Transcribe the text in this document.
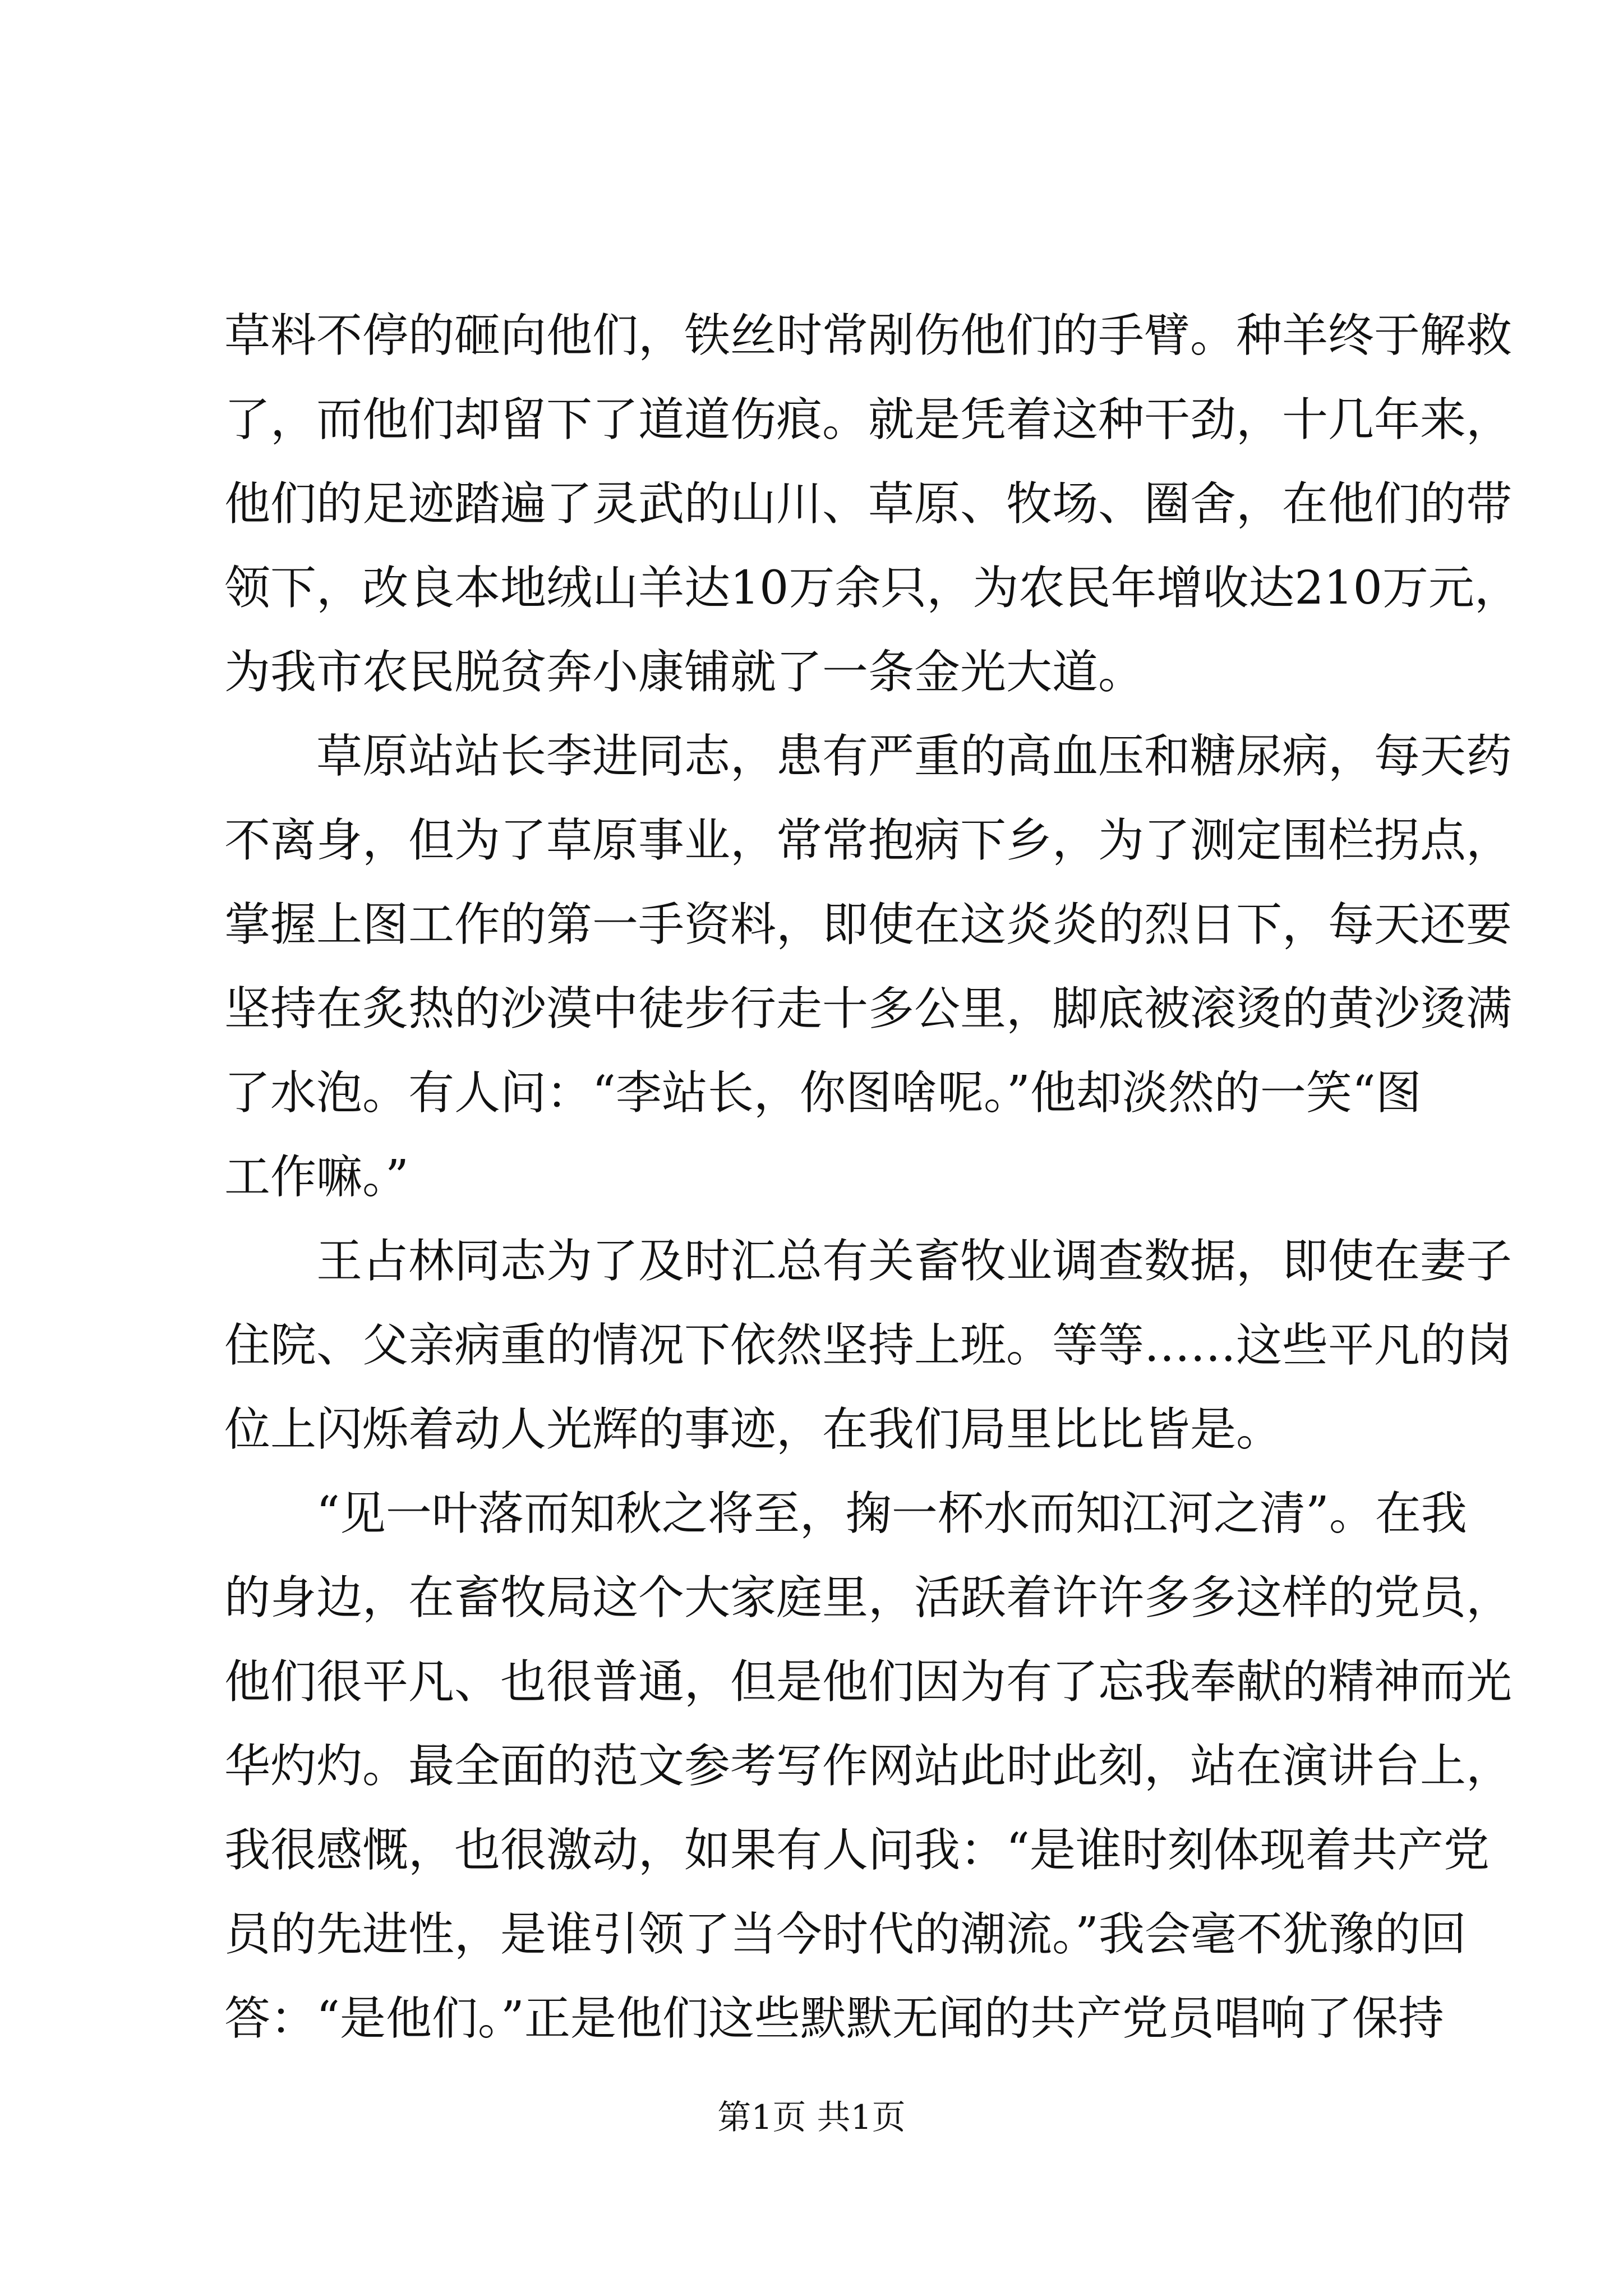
草料不停的砸向他们，铁丝时常剐伤他们的手臂。种羊终于解救
了，而他们却留下了道道伤痕。就是凭着这种干劲，十几年来，
他们的足迹踏遍了灵武的山川、草原、牧场、圈舍，在他们的带
领下，改良本地绒山羊达10万余只，为农民年增收达210万元，
为我市农民脱贫奔小康铺就了一条金光大道。
　　草原站站长李进同志，患有严重的高血压和糖尿病，每天药
不离身，但为了草原事业，常常抱病下乡，为了测定围栏拐点，
掌握上图工作的第一手资料，即使在这炎炎的烈日下，每天还要
坚持在炙热的沙漠中徒步行走十多公里，脚底被滚烫的黄沙烫满
了水泡。有人问：“李站长，你图啥呢。”他却淡然的一笑“图
工作嘛。”
　　王占林同志为了及时汇总有关畜牧业调查数据，即使在妻子
住院、父亲病重的情况下依然坚持上班。等等……这些平凡的岗
位上闪烁着动人光辉的事迹，在我们局里比比皆是。
　　“见一叶落而知秋之将至，掬一杯水而知江河之清”。在我
的身边，在畜牧局这个大家庭里，活跃着许许多多这样的党员，
他们很平凡、也很普通，但是他们因为有了忘我奉献的精神而光
华灼灼。最全面的范文参考写作网站此时此刻，站在演讲台上，
我很感慨，也很激动，如果有人问我：“是谁时刻体现着共产党
员的先进性，是谁引领了当今时代的潮流。”我会毫不犹豫的回
答：“是他们。”正是他们这些默默无闻的共产党员唱响了保持
第1页 共1页
